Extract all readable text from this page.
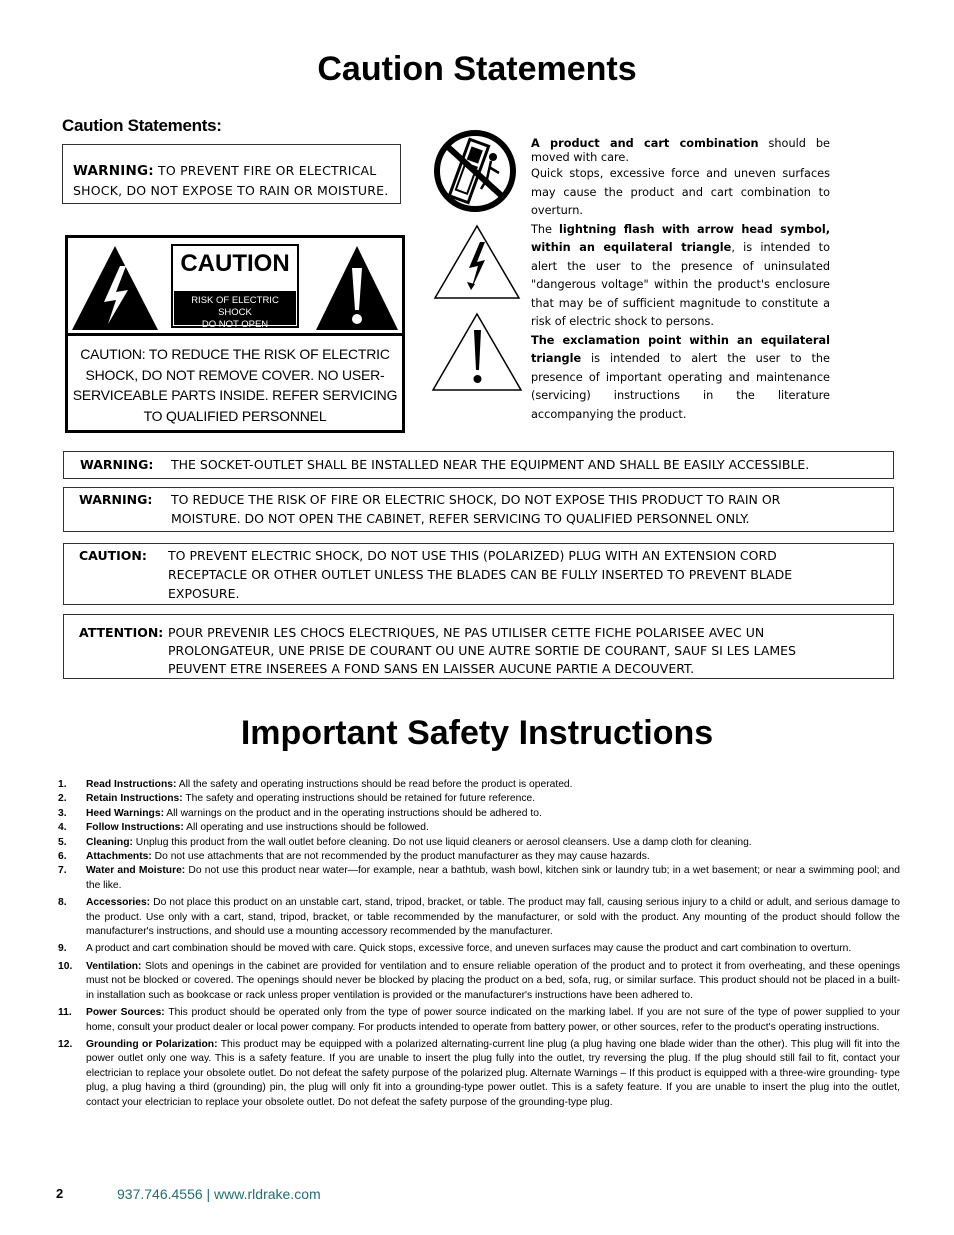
Caution Statements
Caution Statements:
WARNING: TO PREVENT FIRE OR ELECTRICAL
SHOCK, DO NOT EXPOSE TO RAIN OR MOISTURE.
CAUTION
RISK OF ELECTRIC SHOCK
DO NOT OPEN
CAUTION: TO REDUCE THE RISK OF ELECTRIC
SHOCK, DO NOT REMOVE COVER. NO USER-
SERVICEABLE PARTS INSIDE. REFER SERVICING
TO QUALIFIED PERSONNEL

A product and cart combination should be moved with care.

Quick stops, excessive force and uneven surfaces may cause the product and cart combination to overturn.

The lightning flash with arrow head symbol, within an equilateral triangle, is intended to alert the user to the presence of uninsulated "dangerous voltage" within the product's enclosure that may be of sufficient magnitude to constitute a risk of electric shock to persons.

The exclamation point within an equilateral triangle is intended to alert the user to the presence of important operating and maintenance (servicing) instructions in the literature accompanying the product.

WARNING: THE SOCKET-OUTLET SHALL BE INSTALLED NEAR THE EQUIPMENT AND SHALL BE EASILY ACCESSIBLE.
WARNING: TO REDUCE THE RISK OF FIRE OR ELECTRIC SHOCK, DO NOT EXPOSE THIS PRODUCT TO RAIN OR
MOISTURE. DO NOT OPEN THE CABINET, REFER SERVICING TO QUALIFIED PERSONNEL ONLY.
CAUTION: TO PREVENT ELECTRIC SHOCK, DO NOT USE THIS (POLARIZED) PLUG WITH AN EXTENSION CORD
RECEPTACLE OR OTHER OUTLET UNLESS THE BLADES CAN BE FULLY INSERTED TO PREVENT BLADE
EXPOSURE.
ATTENTION: POUR PREVENIR LES CHOCS ELECTRIQUES, NE PAS UTILISER CETTE FICHE POLARISEE AVEC UN
PROLONGATEUR, UNE PRISE DE COURANT OU UNE AUTRE SORTIE DE COURANT, SAUF SI LES LAMES
PEUVENT ETRE INSEREES A FOND SANS EN LAISSER AUCUNE PARTIE A DECOUVERT.
Important Safety Instructions
1. Read Instructions: All the safety and operating instructions should be read before the product is operated.
2. Retain Instructions: The safety and operating instructions should be retained for future reference.
3. Heed Warnings: All warnings on the product and in the operating instructions should be adhered to.
4. Follow Instructions: All operating and use instructions should be followed.
5. Cleaning: Unplug this product from the wall outlet before cleaning. Do not use liquid cleaners or aerosol cleansers. Use a damp cloth for cleaning.
6. Attachments: Do not use attachments that are not recommended by the product manufacturer as they may cause hazards.
7. Water and Moisture: Do not use this product near water—for example, near a bathtub, wash bowl, kitchen sink or laundry tub; in a wet basement; or near a swimming pool; and the like.
8. Accessories: Do not place this product on an unstable cart, stand, tripod, bracket, or table. The product may fall, causing serious injury to a child or adult, and serious damage to the product. Use only with a cart, stand, tripod, bracket, or table recommended by the manufacturer, or sold with the product. Any mounting of the product should follow the manufacturer's instructions, and should use a mounting accessory recommended by the manufacturer.
9. A product and cart combination should be moved with care. Quick stops, excessive force, and uneven surfaces may cause the product and cart combination to overturn.
10. Ventilation: Slots and openings in the cabinet are provided for ventilation and to ensure reliable operation of the product and to protect it from overheating, and these openings must not be blocked or covered. The openings should never be blocked by placing the product on a bed, sofa, rug, or similar surface. This product should not be placed in a built-in installation such as bookcase or rack unless proper ventilation is provided or the manufacturer's instructions have been adhered to.
11. Power Sources: This product should be operated only from the type of power source indicated on the marking label. If you are not sure of the type of power supplied to your home, consult your product dealer or local power company. For products intended to operate from battery power, or other sources, refer to the product's operating instructions.
12. Grounding or Polarization: This product may be equipped with a polarized alternating-current line plug (a plug having one blade wider than the other). This plug will fit into the power outlet only one way. This is a safety feature. If you are unable to insert the plug fully into the outlet, try reversing the plug. If the plug should still fail to fit, contact your electrician to replace your obsolete outlet. Do not defeat the safety purpose of the polarized plug. Alternate Warnings – If this product is equipped with a three-wire grounding- type plug, a plug having a third (grounding) pin, the plug will only fit into a grounding-type power outlet. This is a safety feature. If you are unable to insert the plug into the outlet, contact your electrician to replace your obsolete outlet. Do not defeat the safety purpose of the grounding-type plug.
2	937.746.4556 | www.rldrake.com
